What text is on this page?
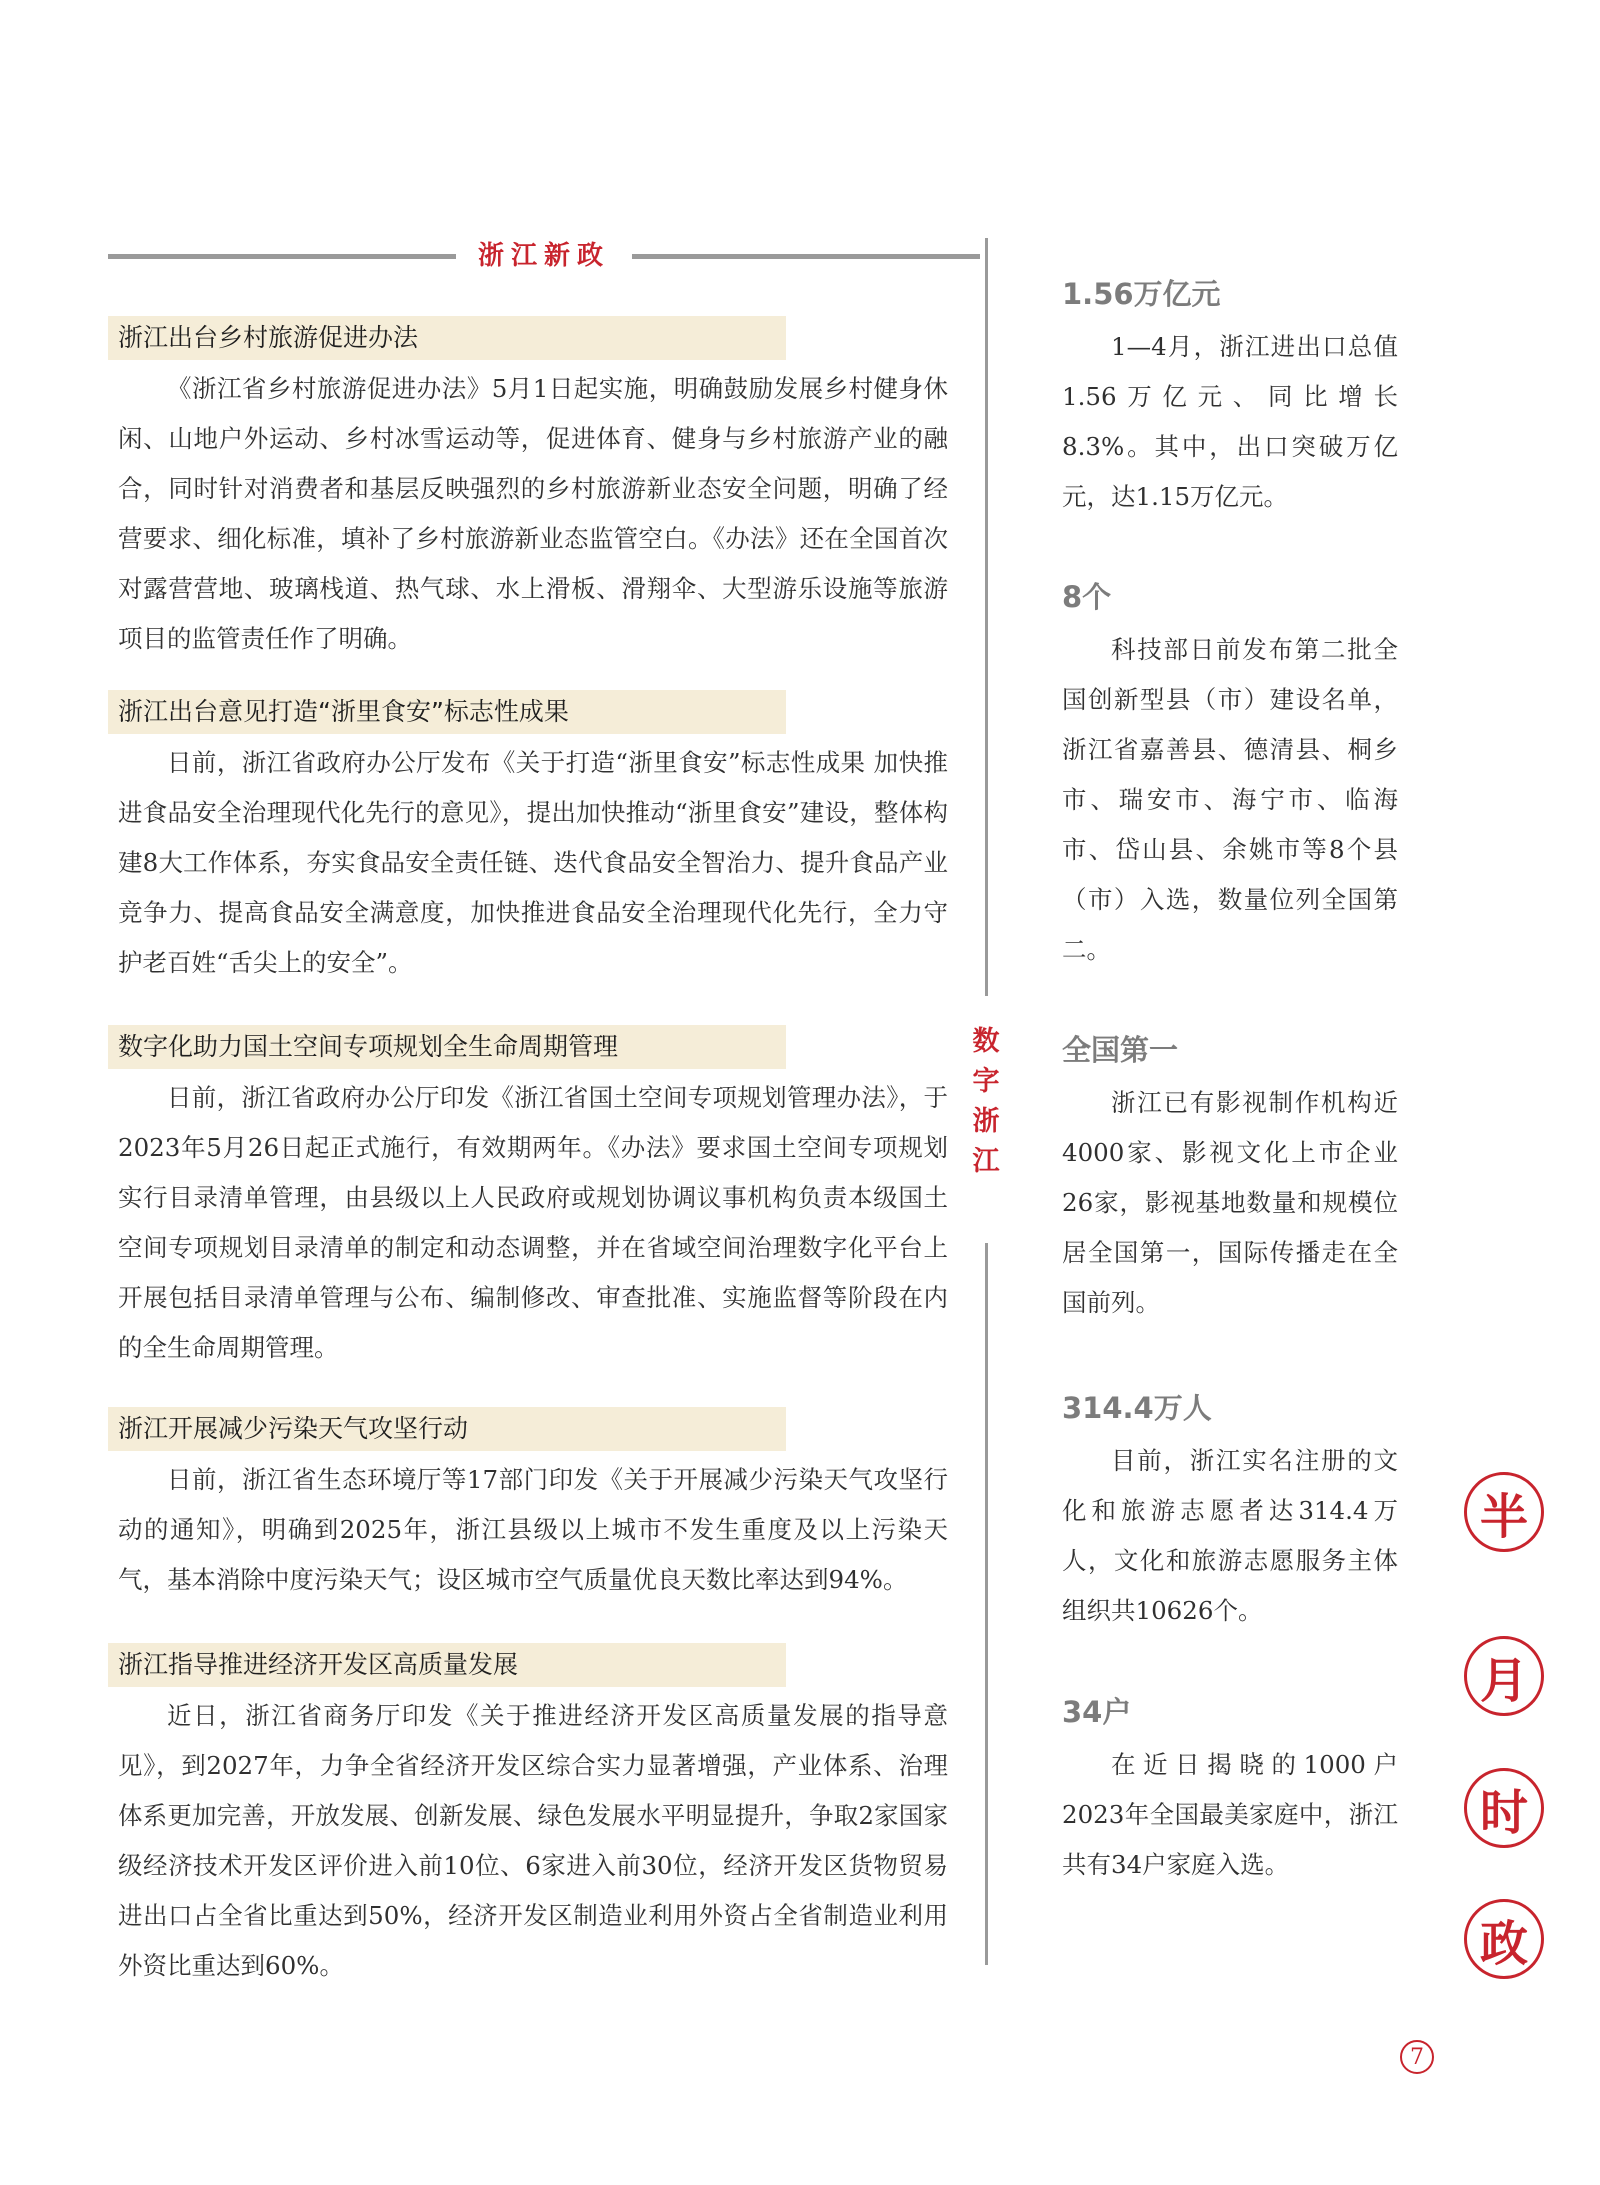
浙江新政
数
字
浙
江
浙江出台乡村旅游促进办法
《浙江省乡村旅游促进办法》5月1日起实施，明确鼓励发展乡村健身休闲、山地户外运动、乡村冰雪运动等，促进体育、健身与乡村旅游产业的融合，同时针对消费者和基层反映强烈的乡村旅游新业态安全问题，明确了经营要求、细化标准，填补了乡村旅游新业态监管空白。《办法》还在全国首次对露营营地、玻璃栈道、热气球、水上滑板、滑翔伞、大型游乐设施等旅游项目的监管责任作了明确。
浙江出台意见打造“浙里食安”标志性成果
日前，浙江省政府办公厅发布《关于打造“浙里食安”标志性成果 加快推进食品安全治理现代化先行的意见》，提出加快推动“浙里食安”建设，整体构建8大工作体系，夯实食品安全责任链、迭代食品安全智治力、提升食品产业竞争力、提高食品安全满意度，加快推进食品安全治理现代化先行，全力守护老百姓“舌尖上的安全”。
数字化助力国土空间专项规划全生命周期管理
日前，浙江省政府办公厅印发《浙江省国土空间专项规划管理办法》，于2023年5月26日起正式施行，有效期两年。《办法》要求国土空间专项规划实行目录清单管理，由县级以上人民政府或规划协调议事机构负责本级国土空间专项规划目录清单的制定和动态调整，并在省域空间治理数字化平台上开展包括目录清单管理与公布、编制修改、审查批准、实施监督等阶段在内的全生命周期管理。
浙江开展减少污染天气攻坚行动
日前，浙江省生态环境厅等17部门印发《关于开展减少污染天气攻坚行动的通知》，明确到2025年，浙江县级以上城市不发生重度及以上污染天气，基本消除中度污染天气；设区城市空气质量优良天数比率达到94%。
浙江指导推进经济开发区高质量发展
近日，浙江省商务厅印发《关于推进经济开发区高质量发展的指导意见》，到2027年，力争全省经济开发区综合实力显著增强，产业体系、治理体系更加完善，开放发展、创新发展、绿色发展水平明显提升，争取2家国家级经济技术开发区评价进入前10位、6家进入前30位，经济开发区货物贸易进出口占全省比重达到50%，经济开发区制造业利用外资占全省制造业利用外资比重达到60%。
1.56万亿元
1—4月，浙江进出口总值1.56万亿元、同比增长8.3%。其中，出口突破万亿元，达1.15万亿元。
8个
科技部日前发布第二批全国创新型县（市）建设名单，浙江省嘉善县、德清县、桐乡市、瑞安市、海宁市、临海市、岱山县、余姚市等8个县（市）入选，数量位列全国第二。
全国第一
浙江已有影视制作机构近4000家、影视文化上市企业26家，影视基地数量和规模位居全国第一，国际传播走在全国前列。
314.4万人
目前，浙江实名注册的文化和旅游志愿者达314.4万人，文化和旅游志愿服务主体组织共10626个。
34户
在近日揭晓的1000户2023年全国最美家庭中，浙江共有34户家庭入选。
半
月
时
政
7
